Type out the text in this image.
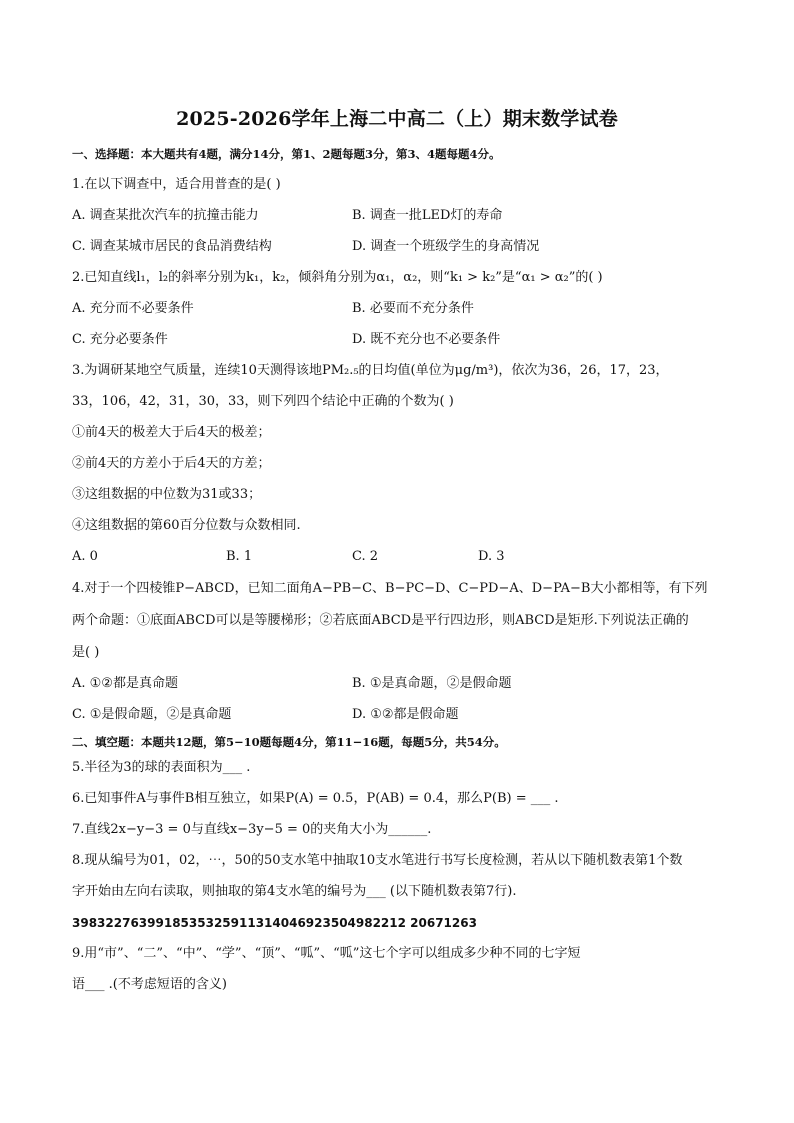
2025-2026学年上海二中高二（上）期末数学试卷
一、选择题：本大题共有4题，满分14分，第1、2题每题3分，第3、4题每题4分。
1.在以下调查中，适合用普查的是( )
A. 调查某批次汽车的抗撞击能力	B. 调查一批LED灯的寿命
C. 调查某城市居民的食品消费结构	D. 调查一个班级学生的身高情况
2.已知直线l₁，l₂的斜率分别为k₁，k₂，倾斜角分别为α₁，α₂，则“k₁ > k₂”是“α₁ > α₂”的( )
A. 充分而不必要条件	B. 必要而不充分条件
C. 充分必要条件	D. 既不充分也不必要条件
3.为调研某地空气质量，连续10天测得该地PM₂.₅的日均值(单位为μg/m³)，依次为36，26，17，23，
33，106，42，31，30，33，则下列四个结论中正确的个数为( )
①前4天的极差大于后4天的极差；
②前4天的方差小于后4天的方差；
③这组数据的中位数为31或33；
④这组数据的第60百分位数与众数相同.
A. 0	B. 1	C. 2	D. 3
4.对于一个四棱锥P−ABCD，已知二面角A−PB−C、B−PC−D、C−PD−A、D−PA−B大小都相等，有下列
两个命题：①底面ABCD可以是等腰梯形；②若底面ABCD是平行四边形，则ABCD是矩形.下列说法正确的
是( )
A. ①②都是真命题	B. ①是真命题，②是假命题
C. ①是假命题，②是真命题	D. ①②都是假命题
二、填空题：本题共12题，第5−10题每题4分，第11−16题，每题5分，共54分。
5.半径为3的球的表面积为___ .
6.已知事件A与事件B相互独立，如果P(A) = 0.5，P(AB) = 0.4，那么P(B) = ___ .
7.直线2x−y−3 = 0与直线x−3y−5 = 0的夹角大小为______.
8.现从编号为01，02，⋯，50的50支水笔中抽取10支水笔进行书写长度检测，若从以下随机数表第1个数
字开始由左向右读取，则抽取的第4支水笔的编号为___ (以下随机数表第7行).
3983227639918535325911314046923504982212 20671263
9.用“市”、“二”、“中”、“学”、“顶”、“呱”、“呱”这七个字可以组成多少种不同的七字短
语___ .(不考虑短语的含义)
